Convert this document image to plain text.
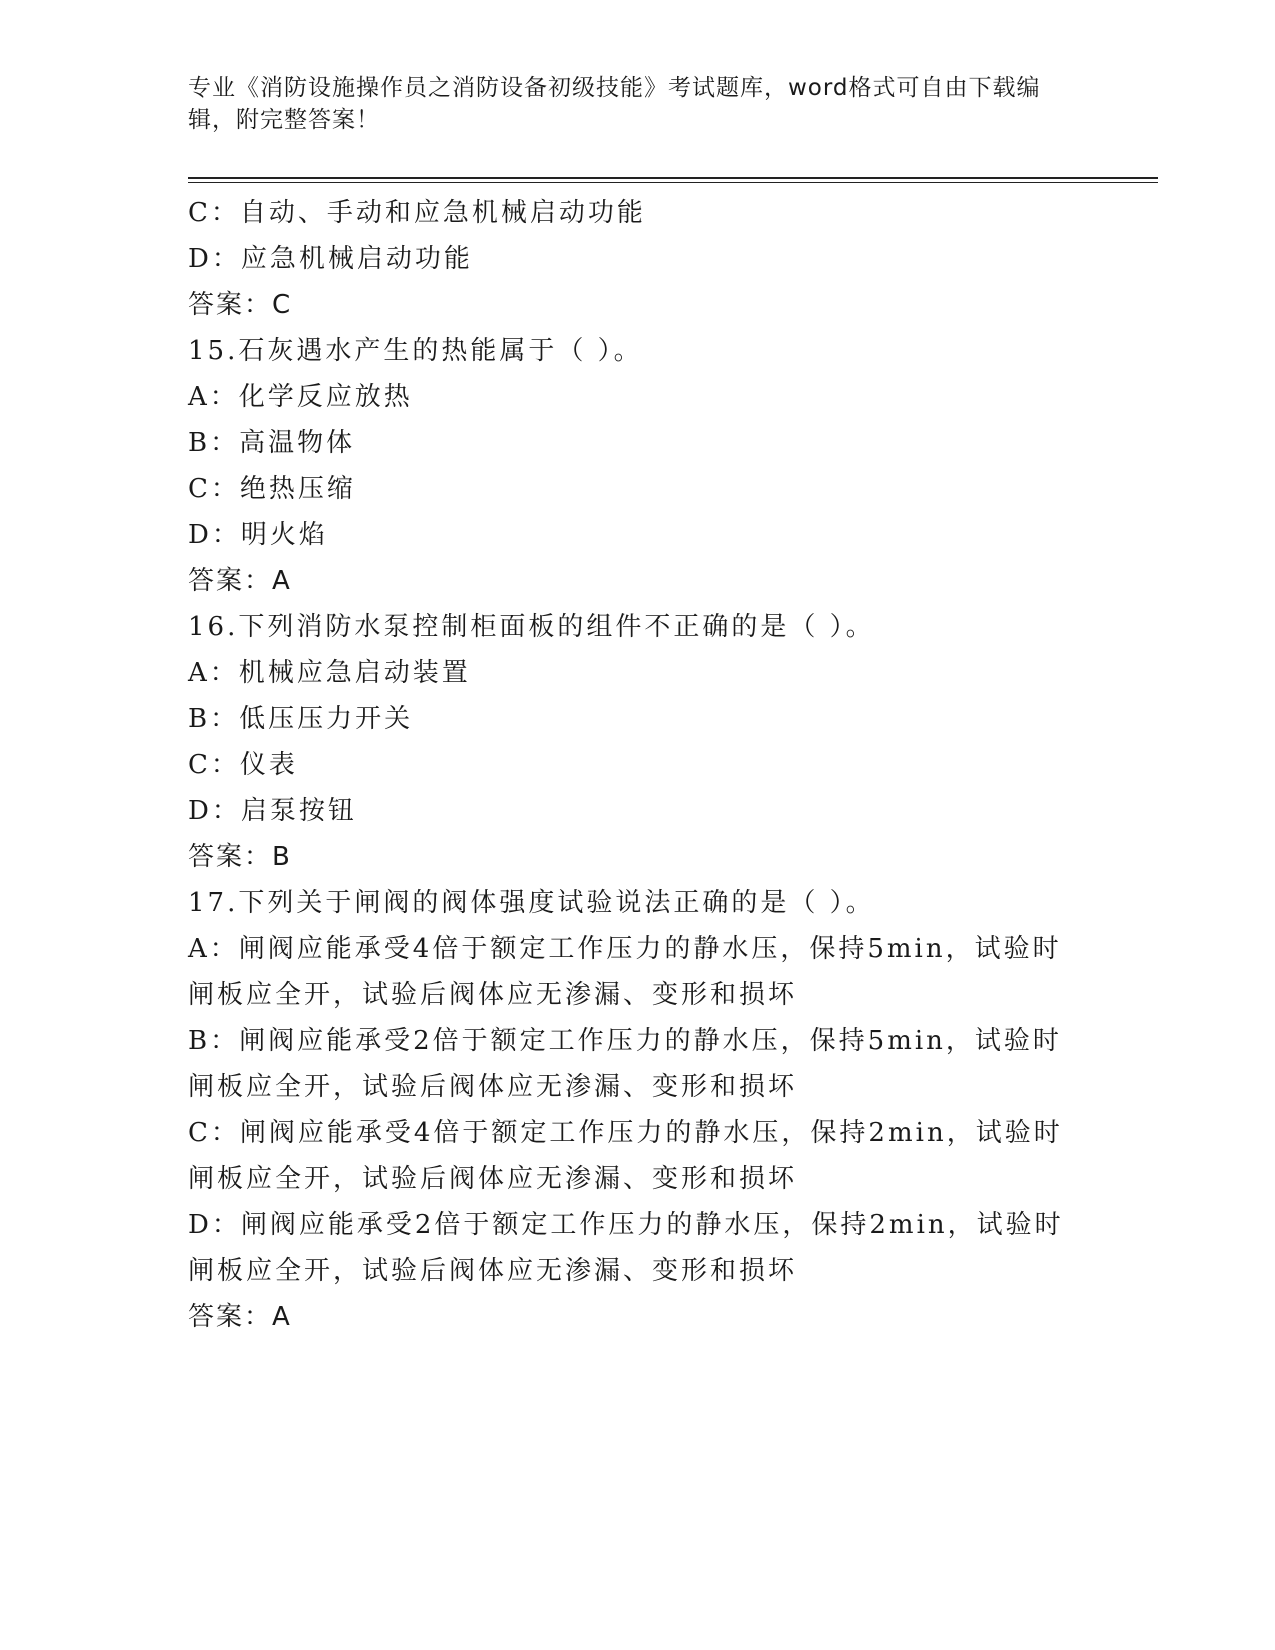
专业《消防设施操作员之消防设备初级技能》考试题库，word格式可自由下载编辑，附完整答案！

C：自动、手动和应急机械启动功能
D：应急机械启动功能
答案：C
15.石灰遇水产生的热能属于（ ）。
A：化学反应放热
B：高温物体
C：绝热压缩
D：明火焰
答案：A
16.下列消防水泵控制柜面板的组件不正确的是（ ）。
A：机械应急启动装置
B：低压压力开关
C：仪表
D：启泵按钮
答案：B
17.下列关于闸阀的阀体强度试验说法正确的是（ ）。
A：闸阀应能承受4倍于额定工作压力的静水压，保持5min，试验时闸板应全开，试验后阀体应无渗漏、变形和损坏
B：闸阀应能承受2倍于额定工作压力的静水压，保持5min，试验时闸板应全开，试验后阀体应无渗漏、变形和损坏
C：闸阀应能承受4倍于额定工作压力的静水压，保持2min，试验时闸板应全开，试验后阀体应无渗漏、变形和损坏
D：闸阀应能承受2倍于额定工作压力的静水压，保持2min，试验时闸板应全开，试验后阀体应无渗漏、变形和损坏
答案：A
